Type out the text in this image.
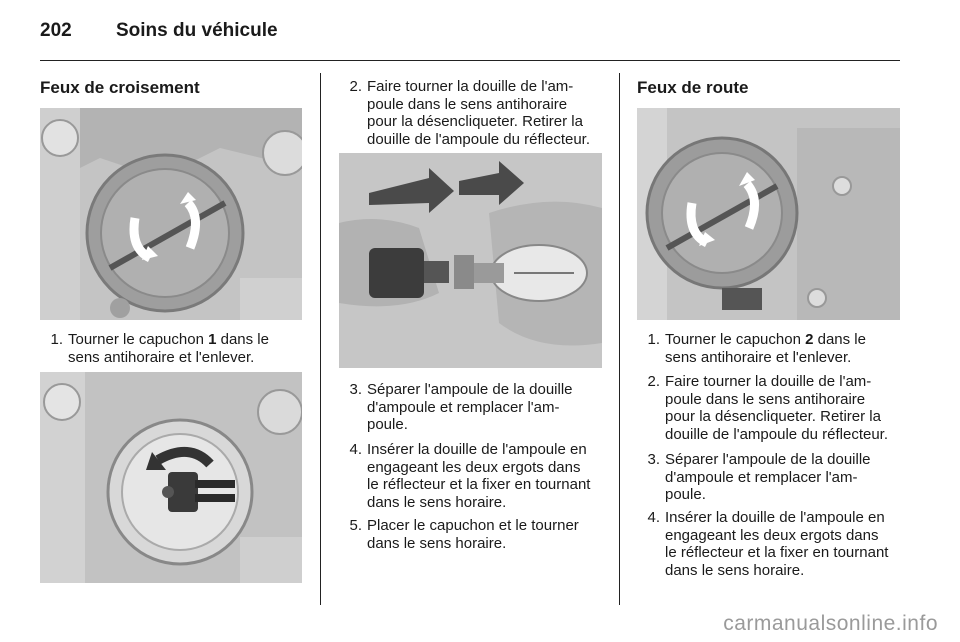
202 Soins du véhicule
Feux de croisement
1. Tourner le capuchon 1 dans le
sens antihoraire et l'enlever.
2. Faire tourner la douille de l'am-
poule dans le sens antihoraire
pour la désencliqueter. Retirer la
douille de l'ampoule du réflecteur.
3. Séparer l'ampoule de la douille
d'ampoule et remplacer l'am-
poule.
4. Insérer la douille de l'ampoule en
engageant les deux ergots dans
le réflecteur et la fixer en tournant
dans le sens horaire.
5. Placer le capuchon et le tourner
dans le sens horaire.
Feux de route
1. Tourner le capuchon 2 dans le
sens antihoraire et l'enlever.
2. Faire tourner la douille de l'am-
poule dans le sens antihoraire
pour la désencliqueter. Retirer la
douille de l'ampoule du réflecteur.
3. Séparer l'ampoule de la douille
d'ampoule et remplacer l'am-
poule.
4. Insérer la douille de l'ampoule en
engageant les deux ergots dans
le réflecteur et la fixer en tournant
dans le sens horaire.
carmanualsonline.info
